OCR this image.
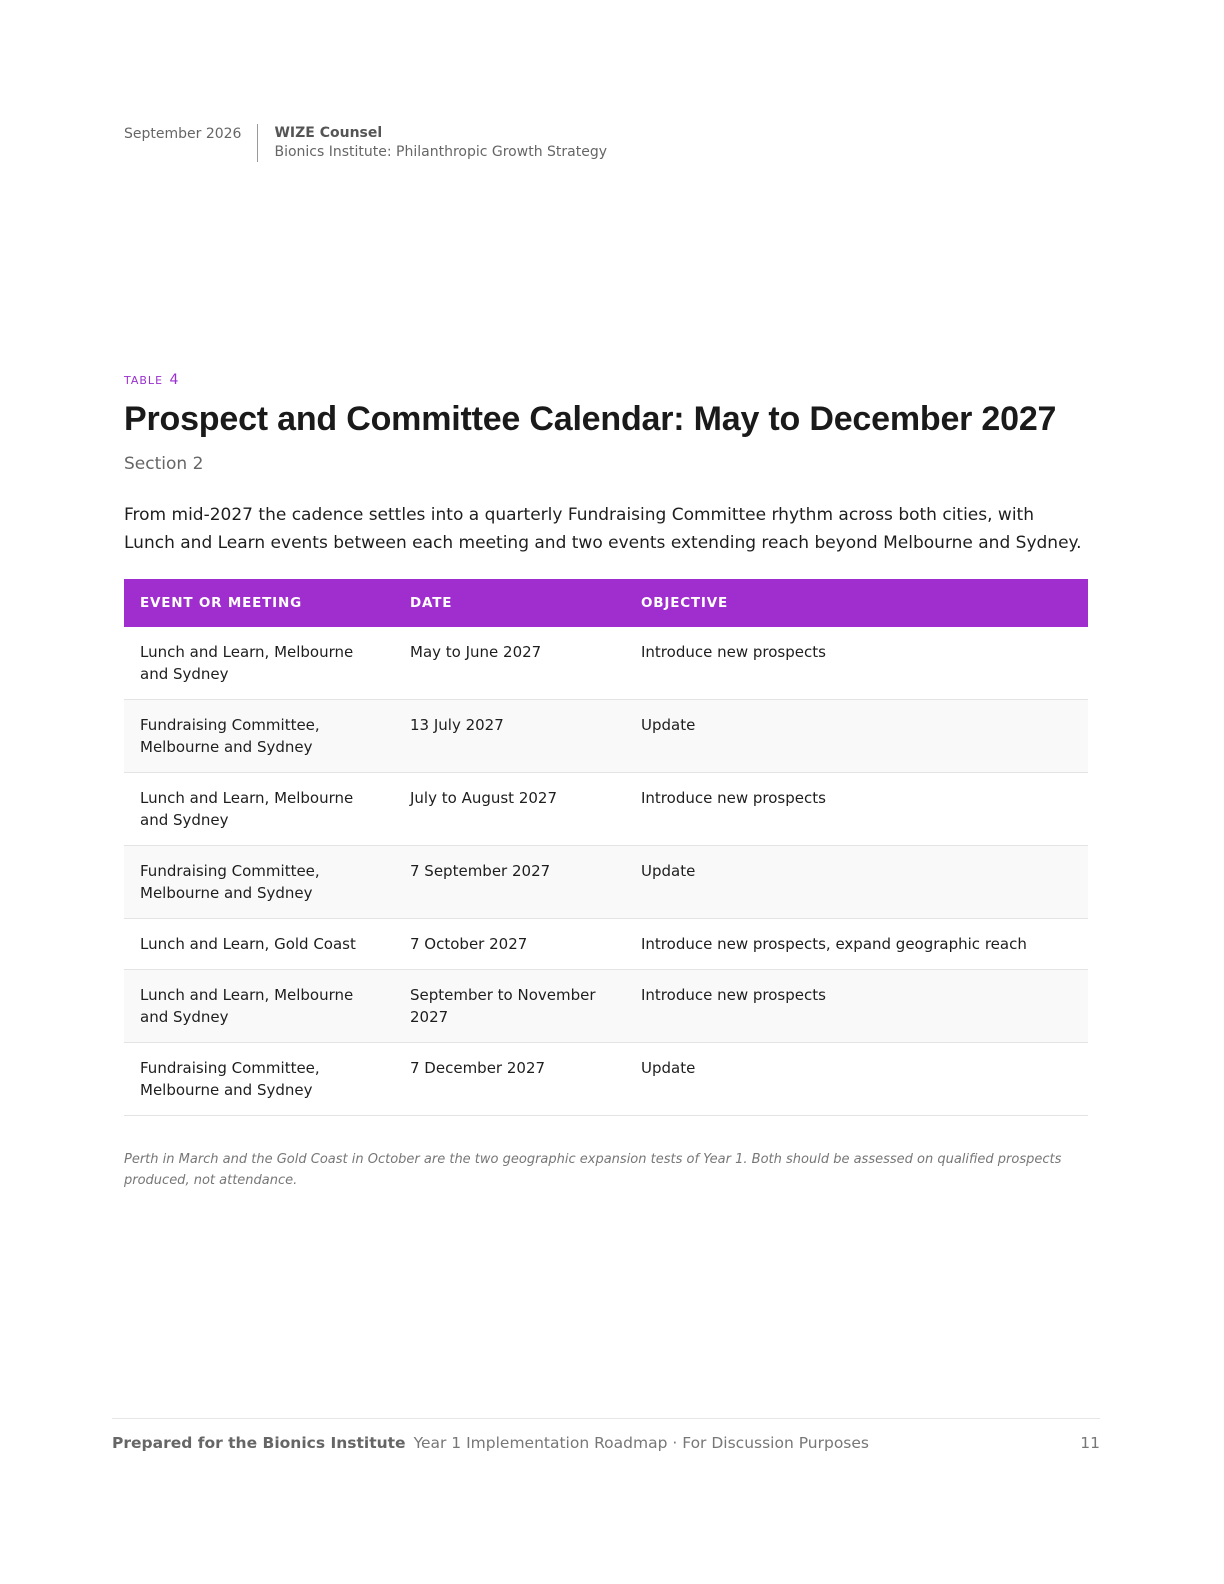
September 2026	WIZE Counsel
Bionics Institute: Philanthropic Growth Strategy
TABLE 4
Prospect and Committee Calendar: May to December 2027
Section 2

From mid-2027 the cadence settles into a quarterly Fundraising Committee rhythm across both cities, with Lunch and Learn events between each meeting and two events extending reach beyond Melbourne and Sydney.

EVENT OR MEETING	DATE	OBJECTIVE
Lunch and Learn, Melbourne and Sydney	May to June 2027	Introduce new prospects
Fundraising Committee, Melbourne and Sydney	13 July 2027	Update
Lunch and Learn, Melbourne and Sydney	July to August 2027	Introduce new prospects
Fundraising Committee, Melbourne and Sydney	7 September 2027	Update
Lunch and Learn, Gold Coast	7 October 2027	Introduce new prospects, expand geographic reach
Lunch and Learn, Melbourne and Sydney	September to November 2027	Introduce new prospects
Fundraising Committee, Melbourne and Sydney	7 December 2027	Update

Perth in March and the Gold Coast in October are the two geographic expansion tests of Year 1. Both should be assessed on qualified prospects produced, not attendance.

Prepared for the Bionics Institute Year 1 Implementation Roadmap · For Discussion Purposes	11
